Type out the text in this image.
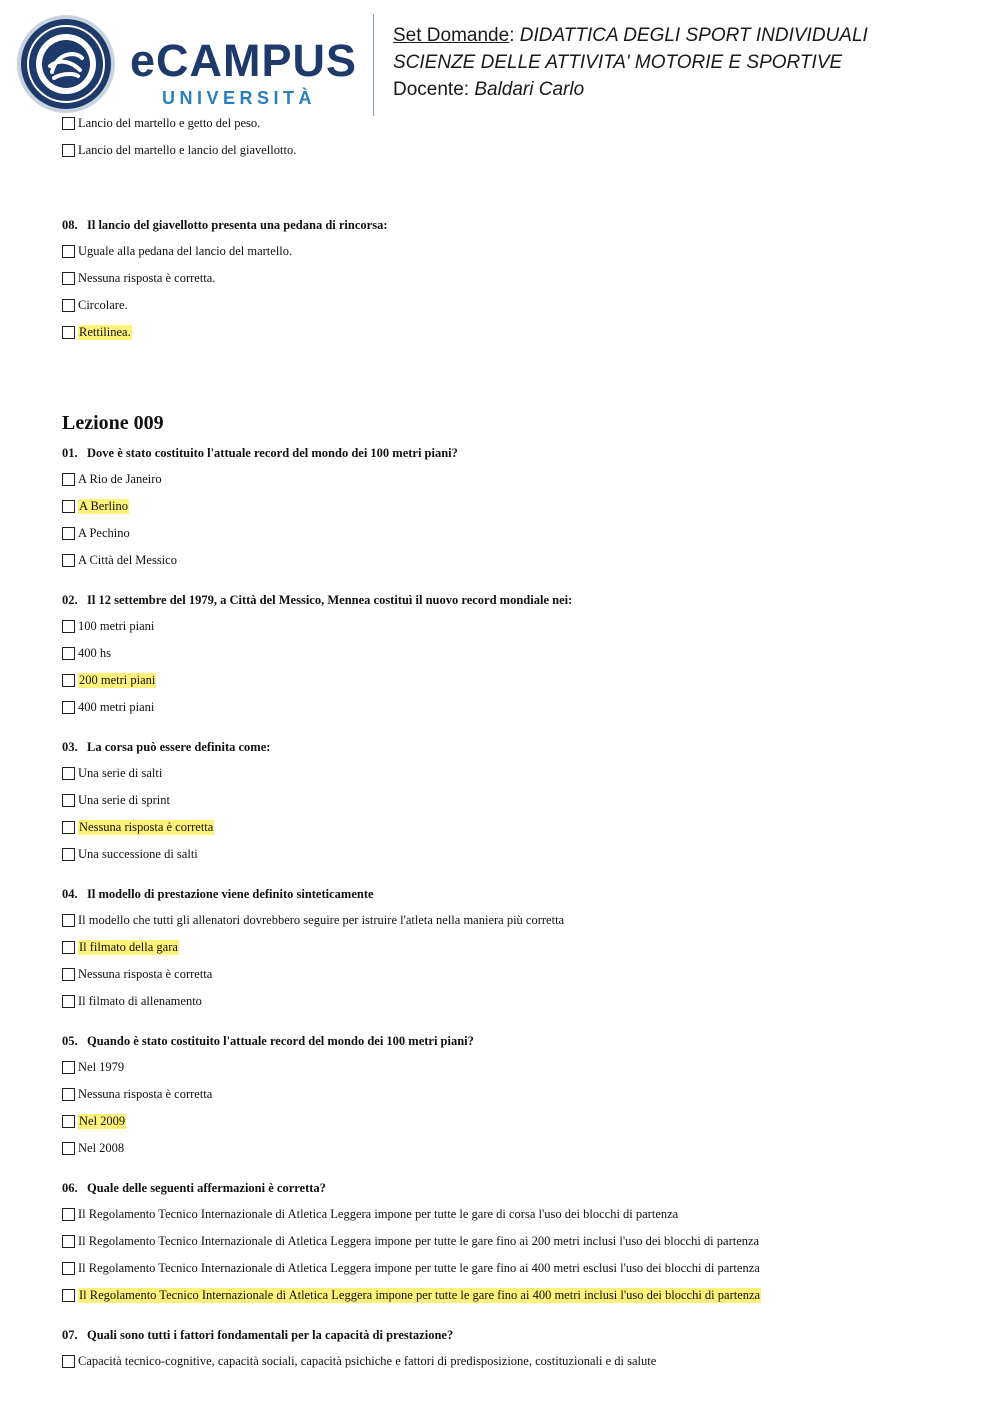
eCAMPUS
UNIVERSITÀ
Set Domande: DIDATTICA DEGLI SPORT INDIVIDUALI
SCIENZE DELLE ATTIVITA' MOTORIE E SPORTIVE
Docente: Baldari Carlo
Lancio del martello e getto del peso.
Lancio del martello e lancio del giavellotto.
08. Il lancio del giavellotto presenta una pedana di rincorsa:
Uguale alla pedana del lancio del martello.
Nessuna risposta è corretta.
Circolare.
Rettilinea.
Lezione 009
01. Dove è stato costituito l'attuale record del mondo dei 100 metri piani?
A Rio de Janeiro
A Berlino
A Pechino
A Città del Messico
02. Il 12 settembre del 1979, a Città del Messico, Mennea costituì il nuovo record mondiale nei:
100 metri piani
400 hs
200 metri piani
400 metri piani
03. La corsa può essere definita come:
Una serie di salti
Una serie di sprint
Nessuna risposta è corretta
Una successione di salti
04. Il modello di prestazione viene definito sinteticamente
Il modello che tutti gli allenatori dovrebbero seguire per istruire l'atleta nella maniera più corretta
Il filmato della gara
Nessuna risposta è corretta
Il filmato di allenamento
05. Quando è stato costituito l'attuale record del mondo dei 100 metri piani?
Nel 1979
Nessuna risposta è corretta
Nel 2009
Nel 2008
06. Quale delle seguenti affermazioni è corretta?
Il Regolamento Tecnico Internazionale di Atletica Leggera impone per tutte le gare di corsa l'uso dei blocchi di partenza
Il Regolamento Tecnico Internazionale di Atletica Leggera impone per tutte le gare fino ai 200 metri inclusi l'uso dei blocchi di partenza
Il Regolamento Tecnico Internazionale di Atletica Leggera impone per tutte le gare fino ai 400 metri esclusi l'uso dei blocchi di partenza
Il Regolamento Tecnico Internazionale di Atletica Leggera impone per tutte le gare fino ai 400 metri inclusi l'uso dei blocchi di partenza
07. Quali sono tutti i fattori fondamentali per la capacità di prestazione?
Capacità tecnico-cognitive, capacità sociali, capacità psichiche e fattori di predisposizione, costituzionali e di salute
